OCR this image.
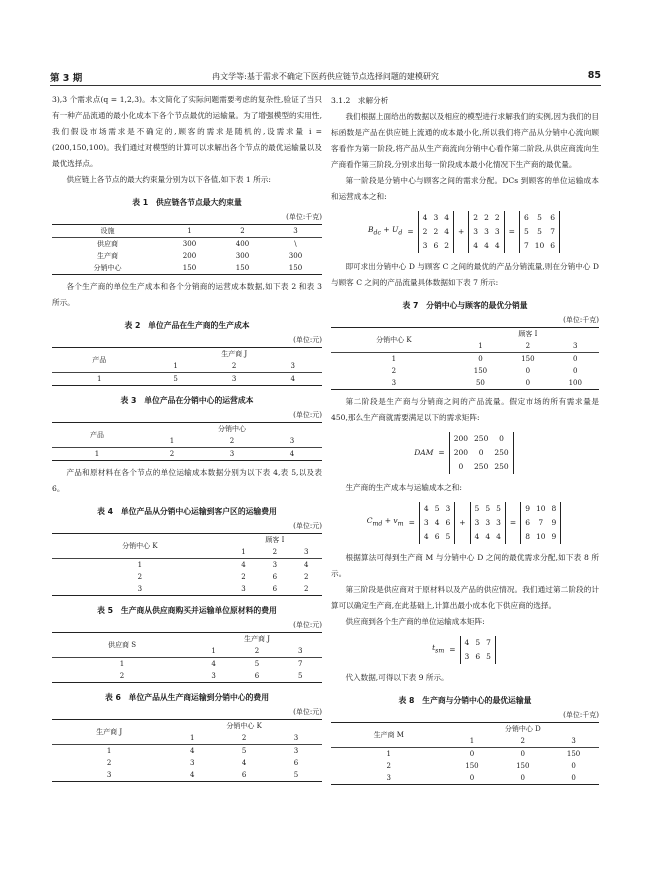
第 3 期	冉文学等:基于需求不确定下医药供应链节点选择问题的建模研究	85

3),3 个需求点(q = 1,2,3)。本文简化了实际问题需要考虑的复杂性,验证了当只有一种产品流通的最小化成本下各个节点最优的运输量。为了增强模型的实用性,我们假设市场需求是不确定的,顾客的需求是随机的,设需求量 i = (200,150,100)。我们通过对模型的计算可以求解出各个节点的最优运输量以及最优选择点。

供应链上各节点的最大约束量分别为以下各值,如下表 1 所示:

表 1　供应链各节点最大约束量
(单位:千克)
设施	1	2	3
供应商	300	400	\
生产商	200	300	300
分销中心	150	150	150

各个生产商的单位生产成本和各个分销商的运营成本数据,如下表 2 和表 3 所示。

表 2　单位产品在生产商的生产成本
(单位:元)
产品	生产商 J		
	1	2	3
1	5	3	4
表 3　单位产品在分销中心的运营成本
(单位:元)
产品	分销中心		
	1	2	3
1	2	3	4

产品和原材料在各个节点的单位运输成本数据分别为以下表 4,表 5,以及表 6。

表 4　单位产品从分销中心运输到客户区的运输费用
(单位:元)
分销中心 K	顾客 I		
	1	2	3
1	4	3	4
2	2	6	2
3	3	6	2
表 5　生产商从供应商购买并运输单位原材料的费用
(单位:元)
供应商 S	生产商 J		
	1	2	3
1	4	5	7
2	3	6	5
表 6　单位产品从生产商运输到分销中心的费用
(单位:元)
生产商 J	分销中心 K		
	1	2	3
1	4	5	3
2	3	4	6
3	4	6	5
3.1.2　求解分析

我们根据上面给出的数据以及相应的模型进行求解我们的实例,因为我们的目标函数是产品在供应链上流通的成本最小化,所以我们将产品从分销中心流向顾客看作为第一阶段,将产品从生产商流向分销中心看作第二阶段,从供应商流向生产商看作第三阶段,分别求出每一阶段成本最小化情况下生产商的最优量。

第一阶段是分销中心与顾客之间的需求分配。DCs 到顾客的单位运输成本和运营成本之和:

$B_{dc} + U_d$ =
4 3 4
2 2 4
3 6 2
+
2 2 2
3 3 3
4 4 4
=
6	5	6
5	5	7
7 10 6

即可求出分销中心 D 与顾客 C 之间的最优的产品分销流量,则在分销中心 D 与顾客 C 之间的产品流量具体数据如下表 7 所示:

表 7　分销中心与顾客的最优分销量
(单位:千克)
分销中心 K	顾客 I		
	1	2	3
1	0	150	0
2	150	0	0
3	50	0	100

第二阶段是生产商与分销商之间的产品流量。假定市场的所有需求量是 450,那么生产商就需要满足以下的需求矩阵:

DAM =
200 250	0
200	0	250
0	250 250

生产商的生产成本与运输成本之和:

$C_{md} + v_m$ =
4 5 3
3 4 6
4 6 5
+
5 5 5
3 3 3
4 4 4
=
9 10 8
6	7	9
8 10 9

根据算法可得到生产商 M 与分销中心 D 之间的最优需求分配,如下表 8 所示。

第三阶段是供应商对于原材料以及产品的供应情况。我们通过第二阶段的计算可以确定生产商,在此基础上,计算出最小成本化下供应商的选择。

供应商到各个生产商的单位运输成本矩阵:

$t_{sm}$ =
4 5 7
3 6 5

代入数据,可得以下表 9 所示。

表 8　生产商与分销中心的最优运输量
(单位:千克)
生产商 M	分销中心 D		
	1	2	3
1	0	0	150
2	150	150	0
3	0	0	0
